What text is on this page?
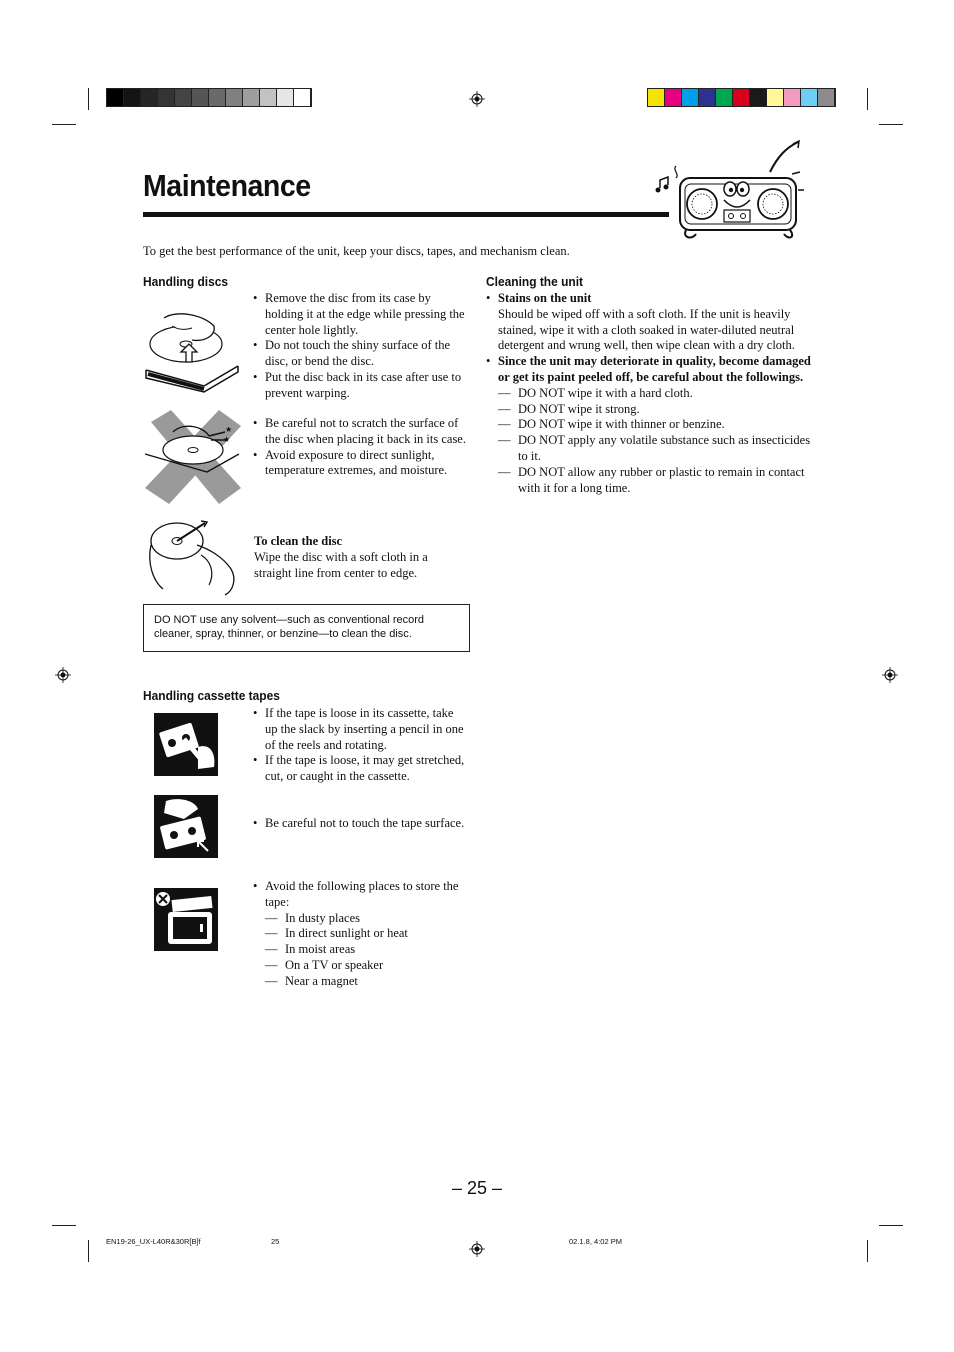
Maintenance
To get the best performance of the unit, keep your discs, tapes, and mechanism clean.
Handling discs
• Remove the disc from its case by holding it at the edge while pressing the center hole lightly.
• Do not touch the shiny surface of the disc, or bend the disc.
• Put the disc back in its case after use to prevent warping.
★
★
• Be careful not to scratch the surface of the disc when placing it back in its case.
• Avoid exposure to direct sunlight, temperature extremes, and moisture.
To clean the disc
Wipe the disc with a soft cloth in a straight line from center to edge.
DO NOT use any solvent—such as conventional record cleaner, spray, thinner, or benzine—to clean the disc.
Handling cassette tapes
• If the tape is loose in its cassette, take up the slack by inserting a pencil in one of the reels and rotating.
• If the tape is loose, it may get stretched, cut, or caught in the cassette.
• Be careful not to touch the tape surface.
• Avoid the following places to store the tape:
— In dusty places
— In direct sunlight or heat
— In moist areas
— On a TV or speaker
— Near a magnet
Cleaning the unit
• Stains on the unit
Should be wiped off with a soft cloth. If the unit is heavily stained, wipe it with a cloth soaked in water-diluted neutral detergent and wrung well, then wipe clean with a dry cloth.
• Since the unit may deteriorate in quality, become damaged or get its paint peeled off, be careful about the followings.
— DO NOT wipe it with a hard cloth.
— DO NOT wipe it strong.
— DO NOT wipe it with thinner or benzine.
— DO NOT apply any volatile substance such as insecticides to it.
— DO NOT allow any rubber or plastic to remain in contact with it for a long time.
– 25 –
EN19-26_UX-L40R&30R[B]f	25	02.1.8, 4:02 PM
